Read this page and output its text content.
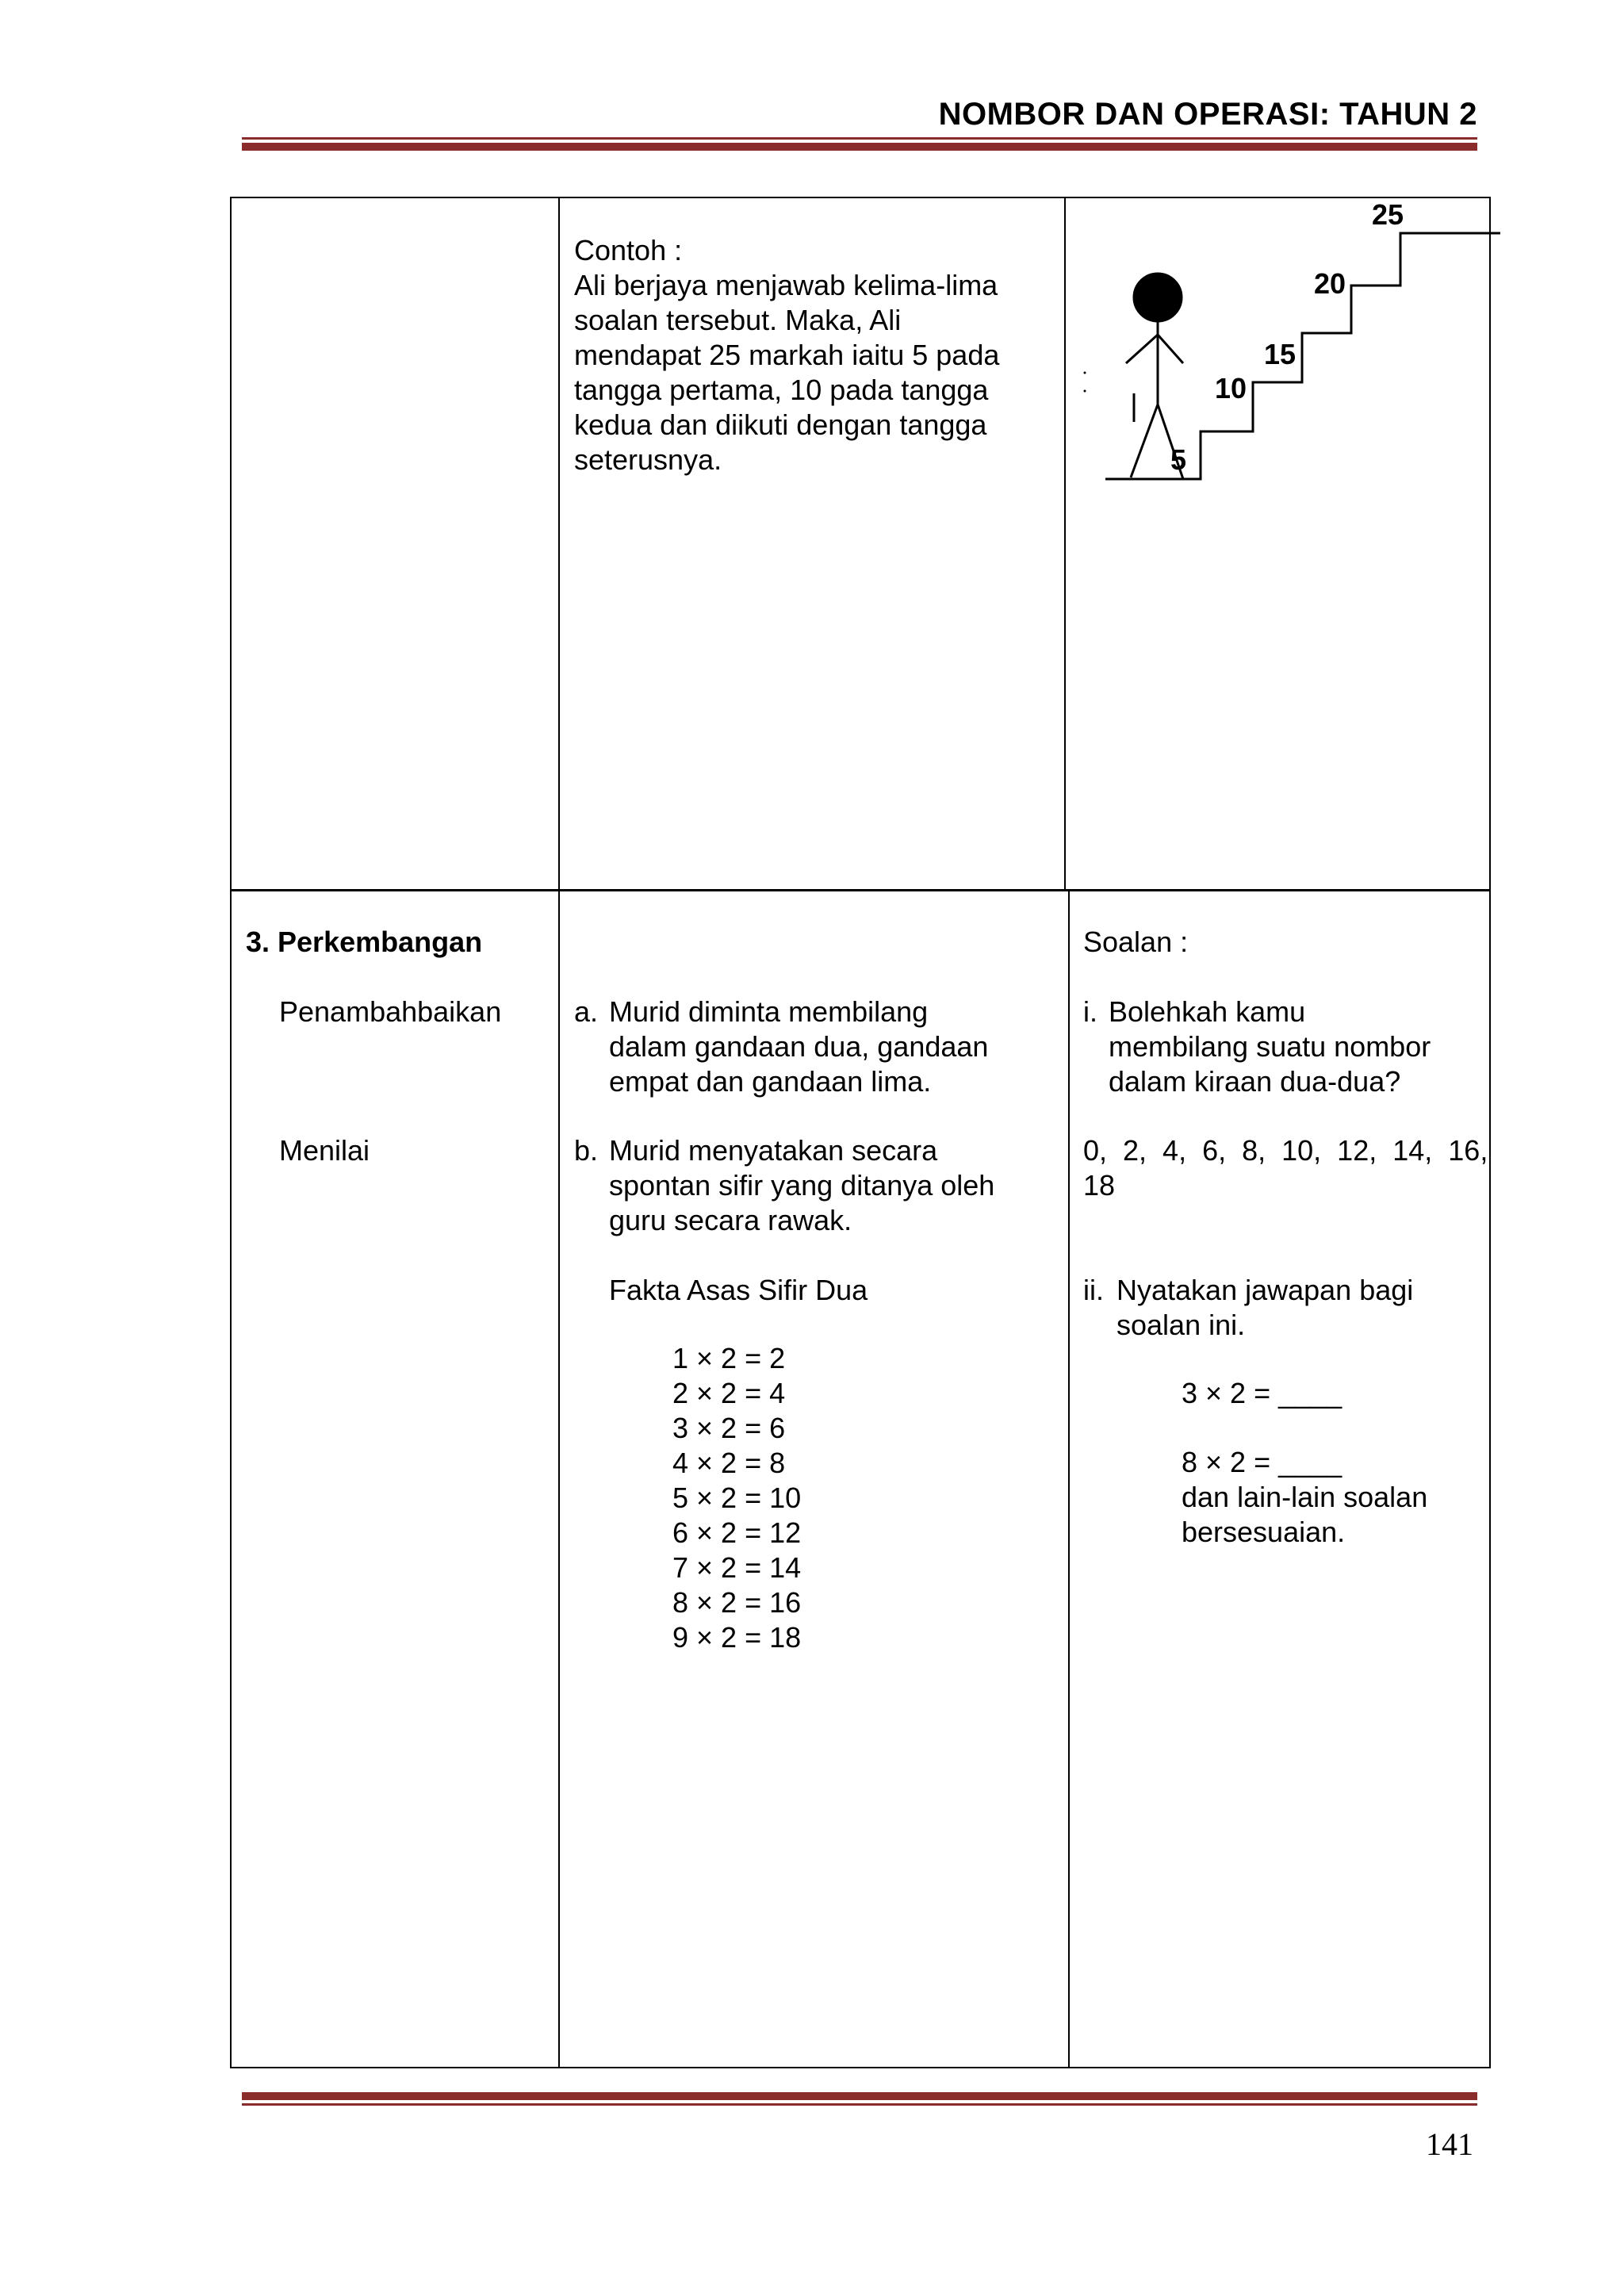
NOMBOR DAN OPERASI: TAHUN 2

Contoh :

Ali berjaya menjawab kelima-lima

soalan tersebut. Maka, Ali

mendapat 25 markah iaitu 5 pada

tangga pertama, 10 pada tangga

kedua dan diikuti dengan tangga

seterusnya.	5
10
15
20
25
3. Perkembangan
Penambahbaikan
Menilai
a. Murid diminta membilang

dalam gandaan dua, gandaan

empat dan gandaan lima.

b. Murid menyatakan secara

spontan sifir yang ditanya oleh

guru secara rawak.

Fakta Asas Sifir Dua

1 × 2 = 2

2 × 2 = 4

3 × 2 = 6

4 × 2 = 8

5 × 2 = 10

6 × 2 = 12

7 × 2 = 14

8 × 2 = 16

9 × 2 = 18

Soalan :
i. Bolehkah kamu

membilang suatu nombor

dalam kiraan dua-dua?

0,  2,  4,  6,  8,  10,  12,  14,  16,

18

ii. Nyatakan jawapan bagi

soalan ini.

3 × 2 = ____

8 × 2 = ____

dan lain-lain soalan

bersesuaian.

141
